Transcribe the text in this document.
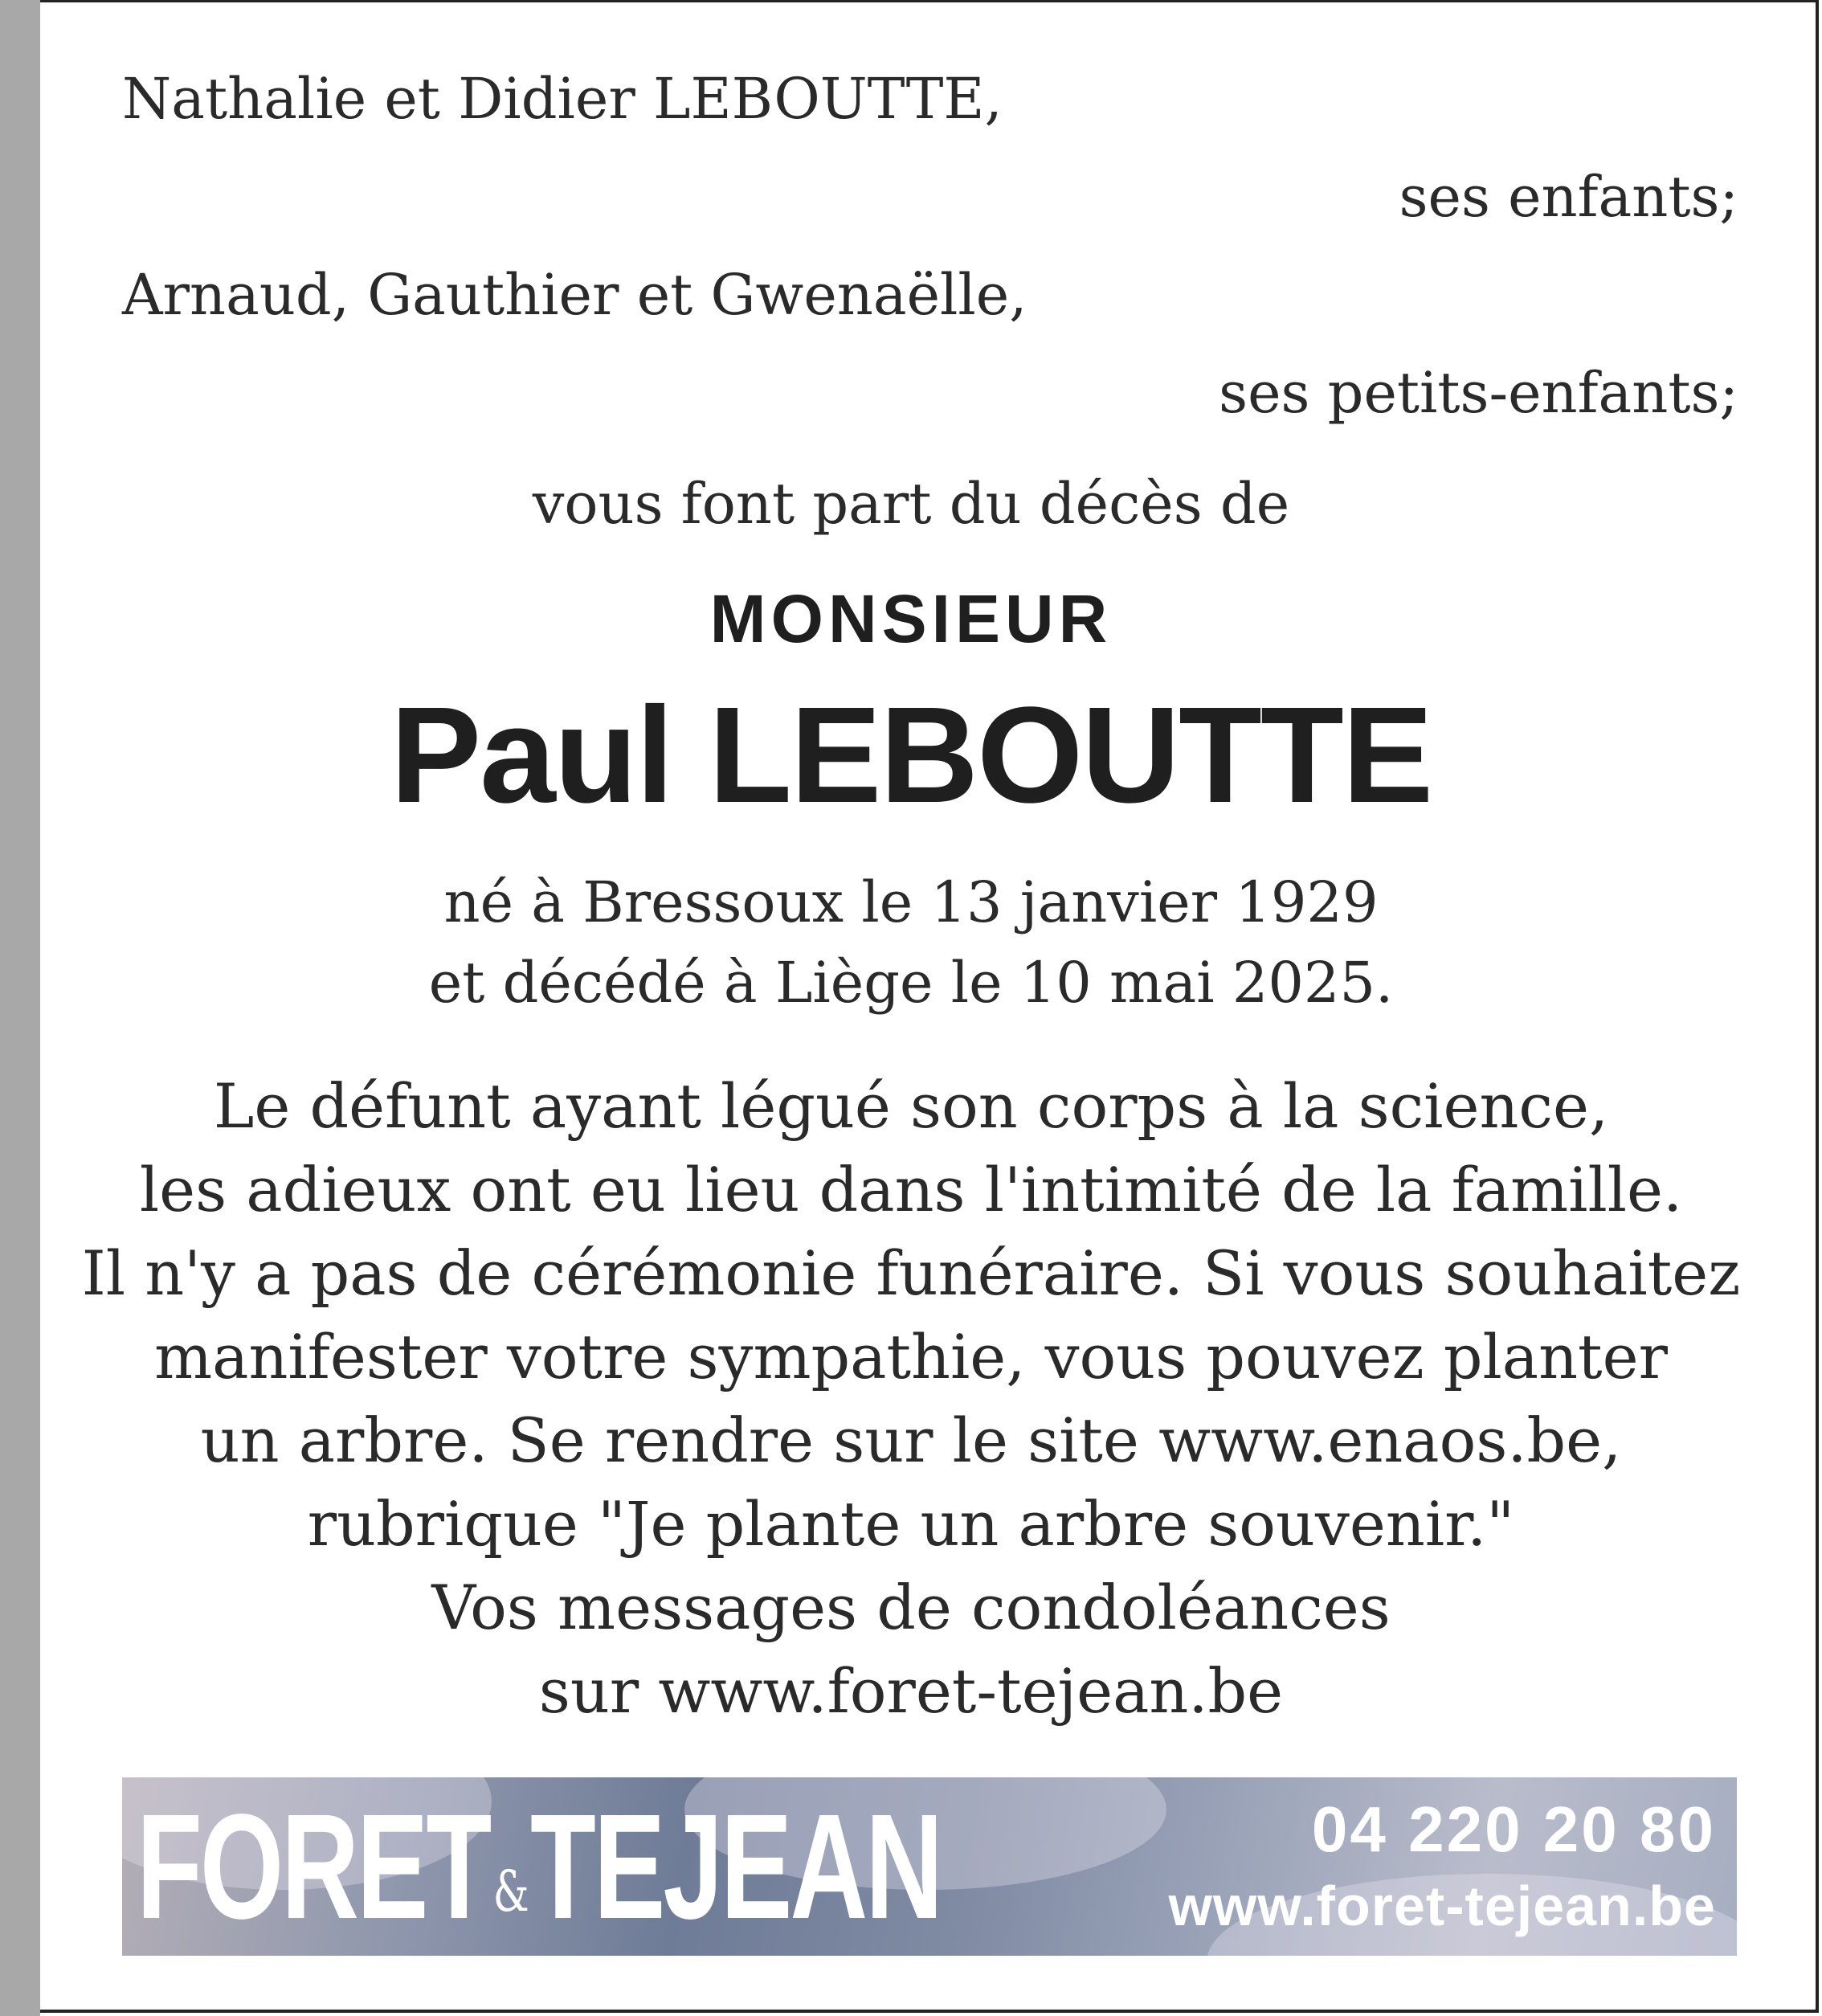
Nathalie et Didier LEBOUTTE,
ses enfants;
Arnaud, Gauthier et Gwenaëlle,
ses petits-enfants;
vous font part du décès de
MONSIEUR
Paul LEBOUTTE
né à Bressoux le 13 janvier 1929
et décédé à Liège le 10 mai 2025.
Le défunt ayant légué son corps à la science,
les adieux ont eu lieu dans l'intimité de la famille.
Il n'y a pas de cérémonie funéraire. Si vous souhaitez
manifester votre sympathie, vous pouvez planter
un arbre. Se rendre sur le site www.enaos.be,
rubrique "Je plante un arbre souvenir."
Vos messages de condoléances
sur www.foret-tejean.be
FORET & TEJEAN	04 220 20 80
www.foret-tejean.be
